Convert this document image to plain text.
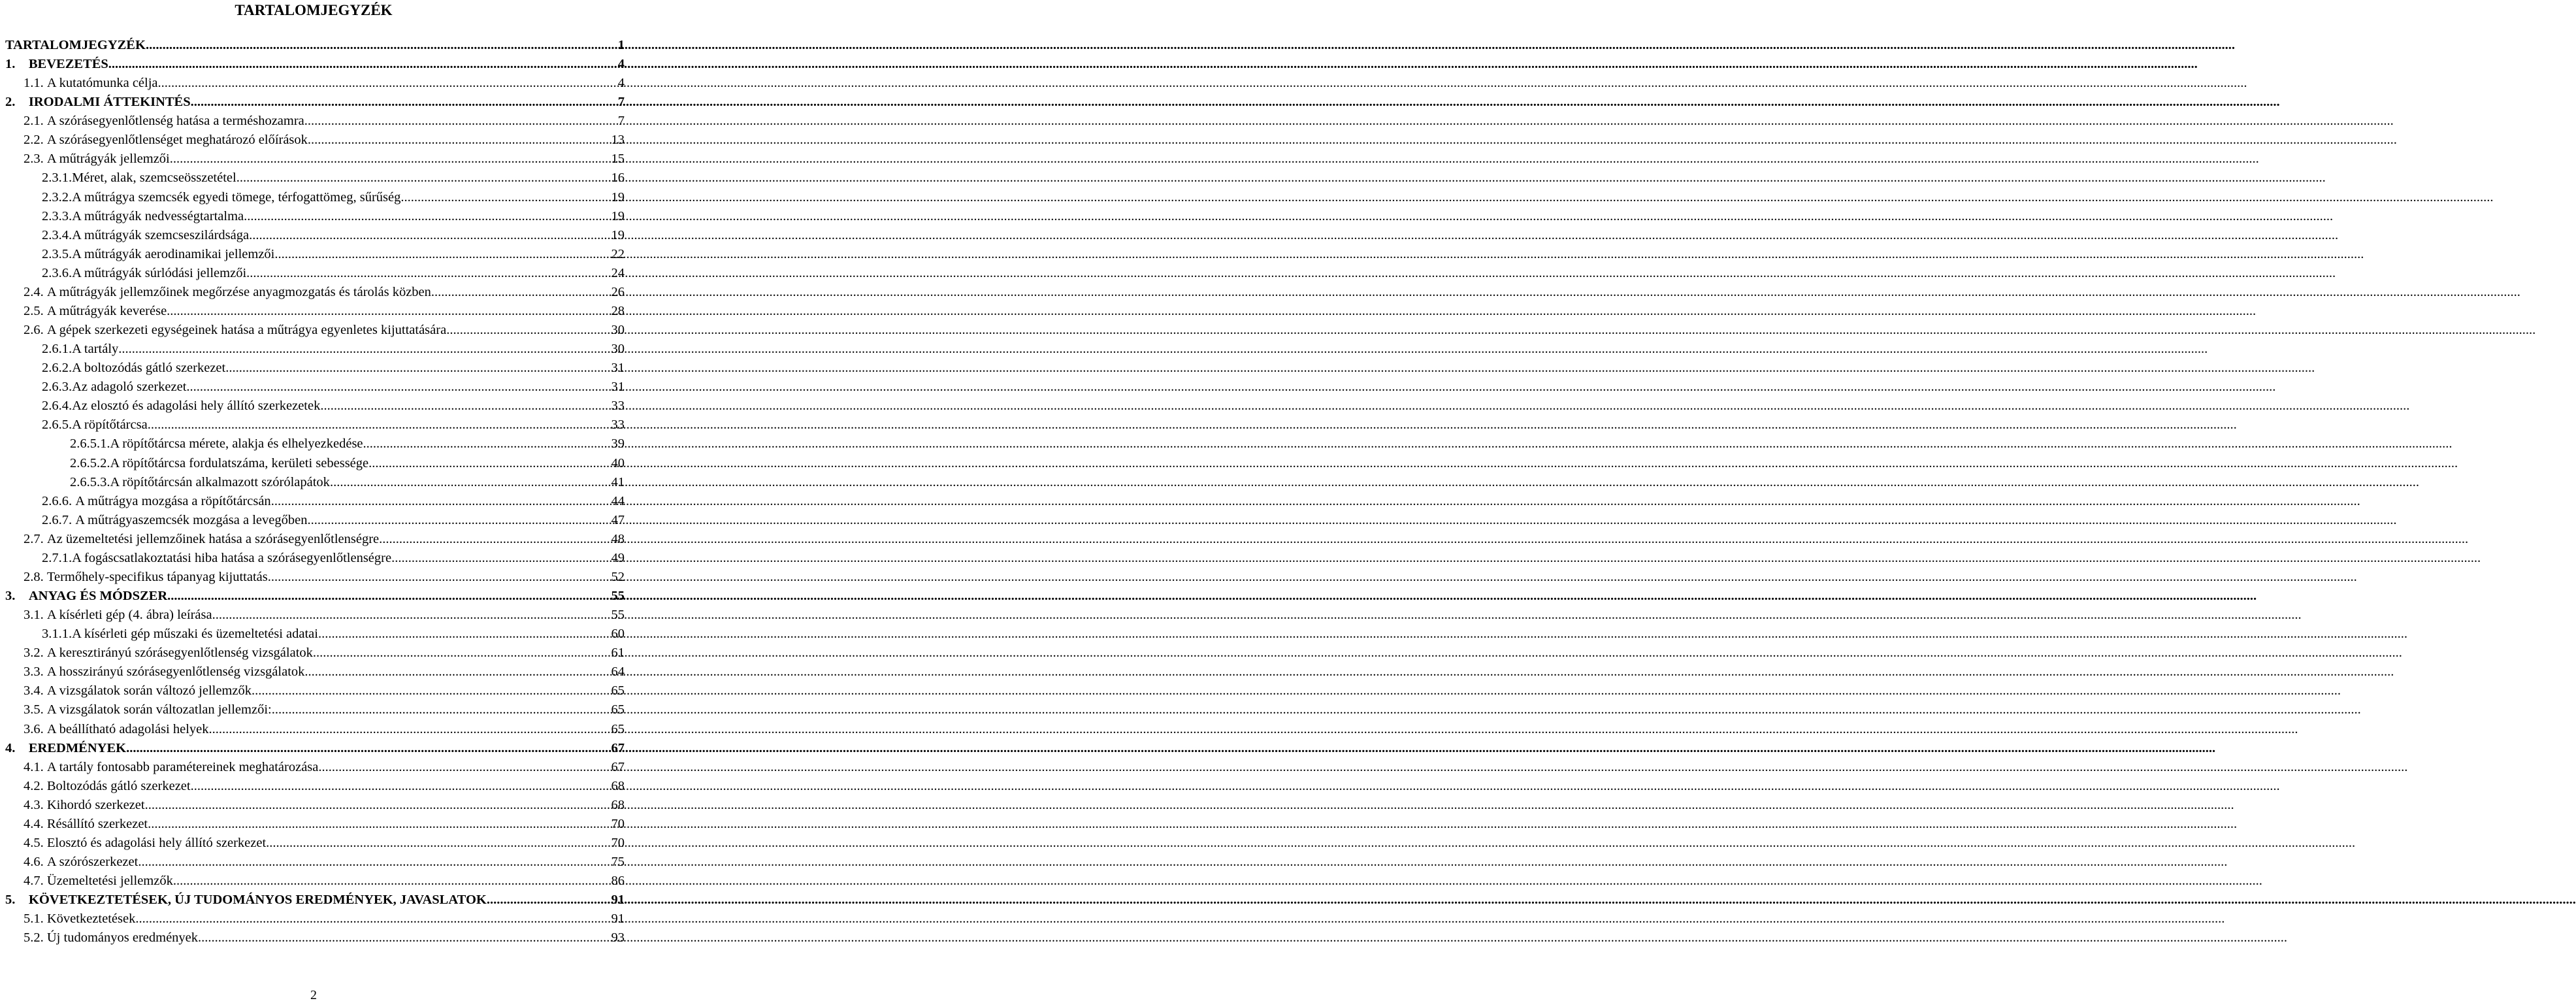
TARTALOMJEGYZÉK
TARTALOMJEGYZÉK .....	1
1. BEVEZETÉS .....	4
1.1. A kutatómunka célja .....	4
2. IRODALMI ÁTTEKINTÉS .....	7
2.1. A szórásegyenlőtlenség hatása a terméshozamra .....	7
2.2. A szórásegyenlőtlenséget meghatározó előírások .....	13
2.3. A műtrágyák jellemzői .....	15
2.3.1. Méret, alak, szemcseösszetétel .....	16
2.3.2. A műtrágya szemcsék egyedi tömege, térfogattömeg, sűrűség. .....	19
2.3.3. A műtrágyák nedvességtartalma .....	19
2.3.4. A műtrágyák szemcseszilárdsága .....	19
2.3.5. A műtrágyák aerodinamikai jellemzői .....	22
2.3.6. A műtrágyák súrlódási jellemzői .....	24
2.4. A műtrágyák jellemzőinek megőrzése anyagmozgatás és tárolás közben .....	26
2.5. A műtrágyák keverése .....	28
2.6. A gépek szerkezeti egységeinek hatása a műtrágya egyenletes kijuttatására .....	30
2.6.1. A tartály .....	30
2.6.2. A boltozódás gátló szerkezet .....	31
2.6.3. Az adagoló szerkezet .....	31
2.6.4. Az elosztó és adagolási hely állító szerkezetek .....	33
2.6.5. A röpítőtárcsa .....	33
2.6.5.1. A röpítőtárcsa mérete, alakja és elhelyezkedése .....	39
2.6.5.2. A röpítőtárcsa fordulatszáma, kerületi sebessége .....	40
2.6.5.3. A röpítőtárcsán alkalmazott szórólapátok .....	41
2.6.6. A műtrágya mozgása a röpítőtárcsán .....	44
2.6.7. A műtrágyaszemcsék mozgása a levegőben .....	47
2.7. Az üzemeltetési jellemzőinek hatása a szórásegyenlőtlenségre .....	48
2.7.1. A fogáscsatlakoztatási hiba hatása a szórásegyenlőtlenségre .....	49
2.8. Termőhely-specifikus tápanyag kijuttatás .....	52
3. ANYAG ÉS MÓDSZER .....	55
3.1. A kísérleti gép (4. ábra) leírása .....	55
3.1.1. A kísérleti gép műszaki és üzemeltetési adatai .....	60
3.2. A keresztirányú szórásegyenlőtlenség vizsgálatok .....	61
3.3. A hosszirányú szórásegyenlőtlenség vizsgálatok .....	64
3.4. A vizsgálatok során változó jellemzők .....	65
3.5. A vizsgálatok során változatlan jellemzői: .....	65
3.6. A beállítható adagolási helyek .....	65
4. EREDMÉNYEK .....	67
4.1. A tartály fontosabb paramétereinek meghatározása .....	67
4.2. Boltozódás gátló szerkezet .....	68
4.3. Kihordó szerkezet .....	68
4.4. Résállító szerkezet .....	70
4.5. Elosztó és adagolási hely állító szerkezet .....	70
4.6. A szórószerkezet .....	75
4.7. Üzemeltetési jellemzők .....	86
5. KÖVETKEZTETÉSEK, ÚJ TUDOMÁNYOS EREDMÉNYEK, JAVASLATOK .....	91
5.1. Következtetések .....	91
5.2. Új tudományos eredmények .....	93
2
